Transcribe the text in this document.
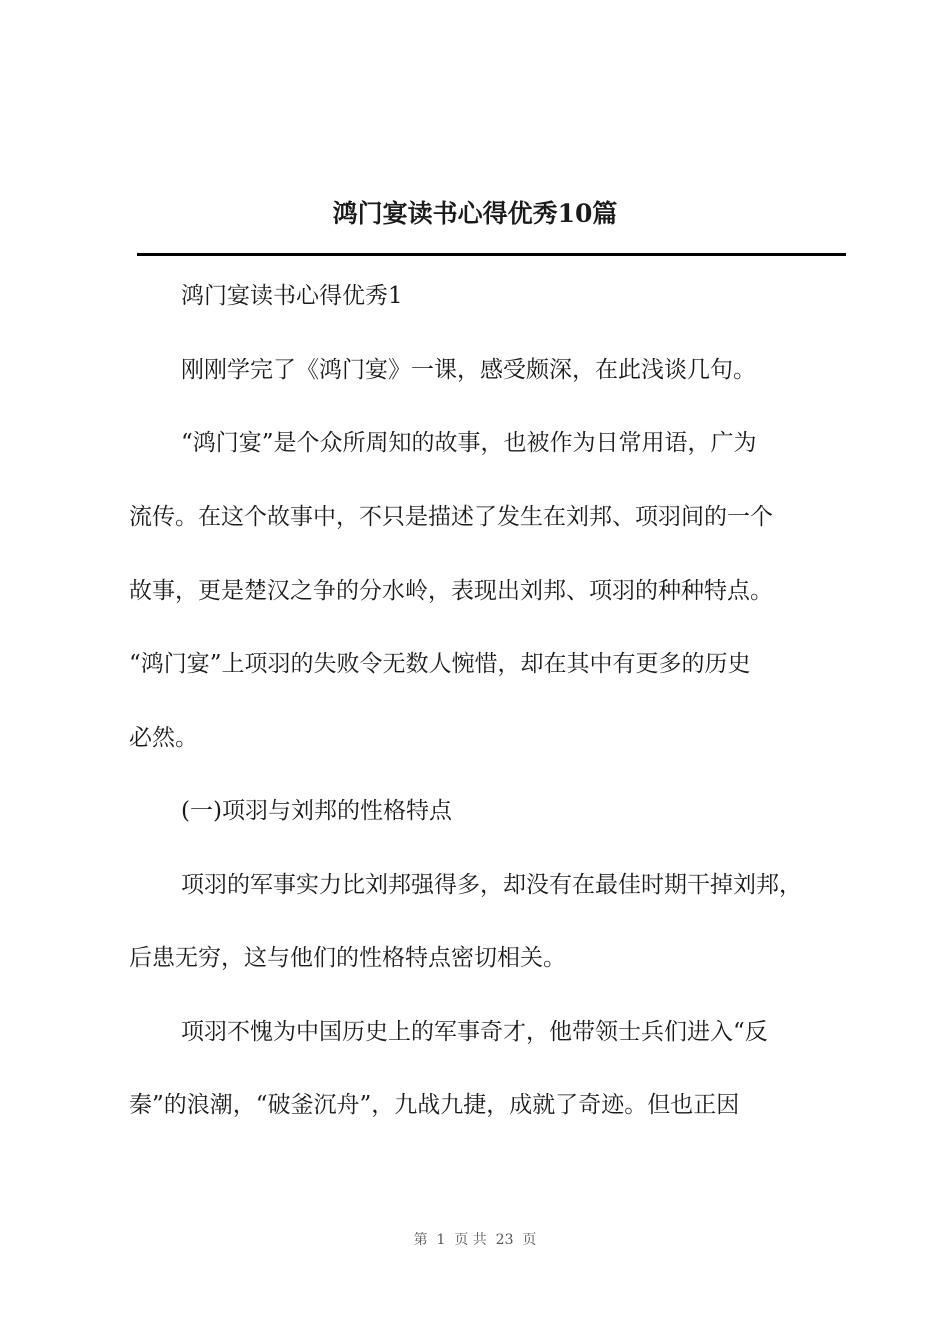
鸿门宴读书心得优秀10篇
鸿门宴读书心得优秀1
刚刚学完了《鸿门宴》一课，感受颇深，在此浅谈几句。
“鸿门宴”是个众所周知的故事，也被作为日常用语，广为
流传。在这个故事中，不只是描述了发生在刘邦、项羽间的一个
故事，更是楚汉之争的分水岭，表现出刘邦、项羽的种种特点。
“鸿门宴”上项羽的失败令无数人惋惜，却在其中有更多的历史
必然。
(一)项羽与刘邦的性格特点
项羽的军事实力比刘邦强得多，却没有在最佳时期干掉刘邦，
后患无穷，这与他们的性格特点密切相关。
项羽不愧为中国历史上的军事奇才，他带领士兵们进入“反
秦”的浪潮，“破釜沉舟”，九战九捷，成就了奇迹。但也正因
第  1  页 共  23  页
